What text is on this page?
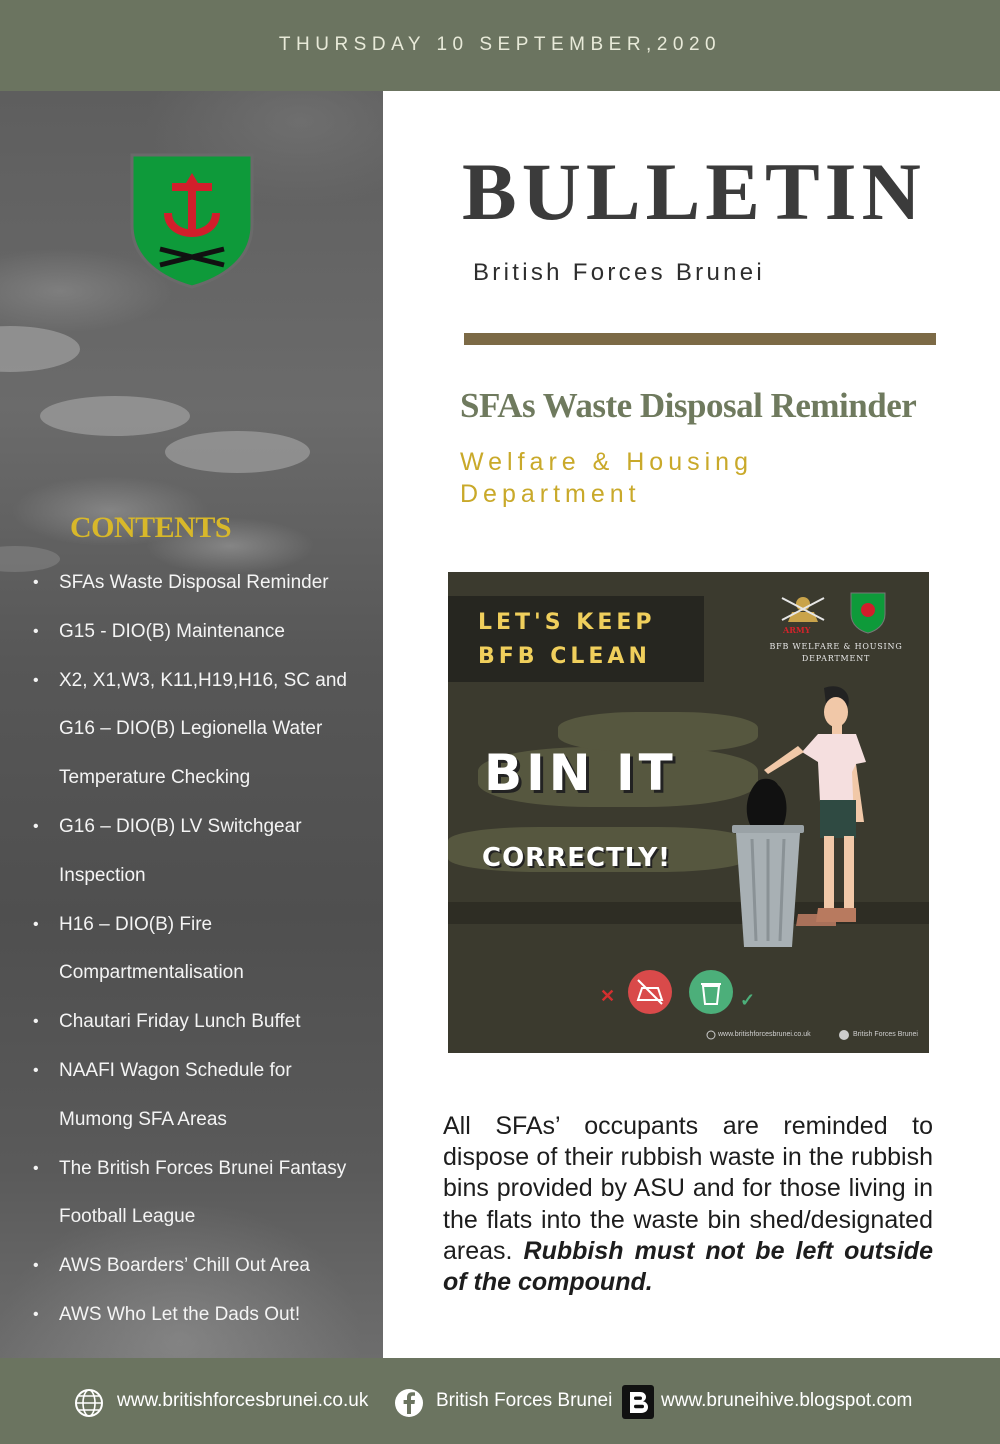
THURSDAY 10 SEPTEMBER,2020
CONTENTS
• SFAs Waste Disposal Reminder
• G15 - DIO(B) Maintenance
• X2, X1,W3, K11,H19,H16, SC and
G16 – DIO(B) Legionella Water
Temperature Checking
• G16 – DIO(B) LV Switchgear
Inspection
• H16 – DIO(B) Fire
Compartmentalisation
• Chautari Friday Lunch Buffet
• NAAFI Wagon Schedule for
Mumong SFA Areas
• The British Forces Brunei Fantasy
Football League
• AWS Boarders’ Chill Out Area
• AWS Who Let the Dads Out!
BULLETIN
British Forces Brunei
SFAs Waste Disposal Reminder
Welfare & Housing Department
LET'S KEEP
BFB CLEAN
ARMY
BFB WELFARE & HOUSING
DEPARTMENT
BIN IT
CORRECTLY!
✕	✓
www.britishforcesbrunei.co.uk	British Forces Brunei
All SFAs’ occupants are reminded to dispose of their rubbish waste in the rubbish bins provided by ASU and for those living in the flats into the waste bin shed/designated areas. Rubbish must not be left outside of the compound.
www.britishforcesbrunei.co.uk	British Forces Brunei	www.bruneihive.blogspot.com
